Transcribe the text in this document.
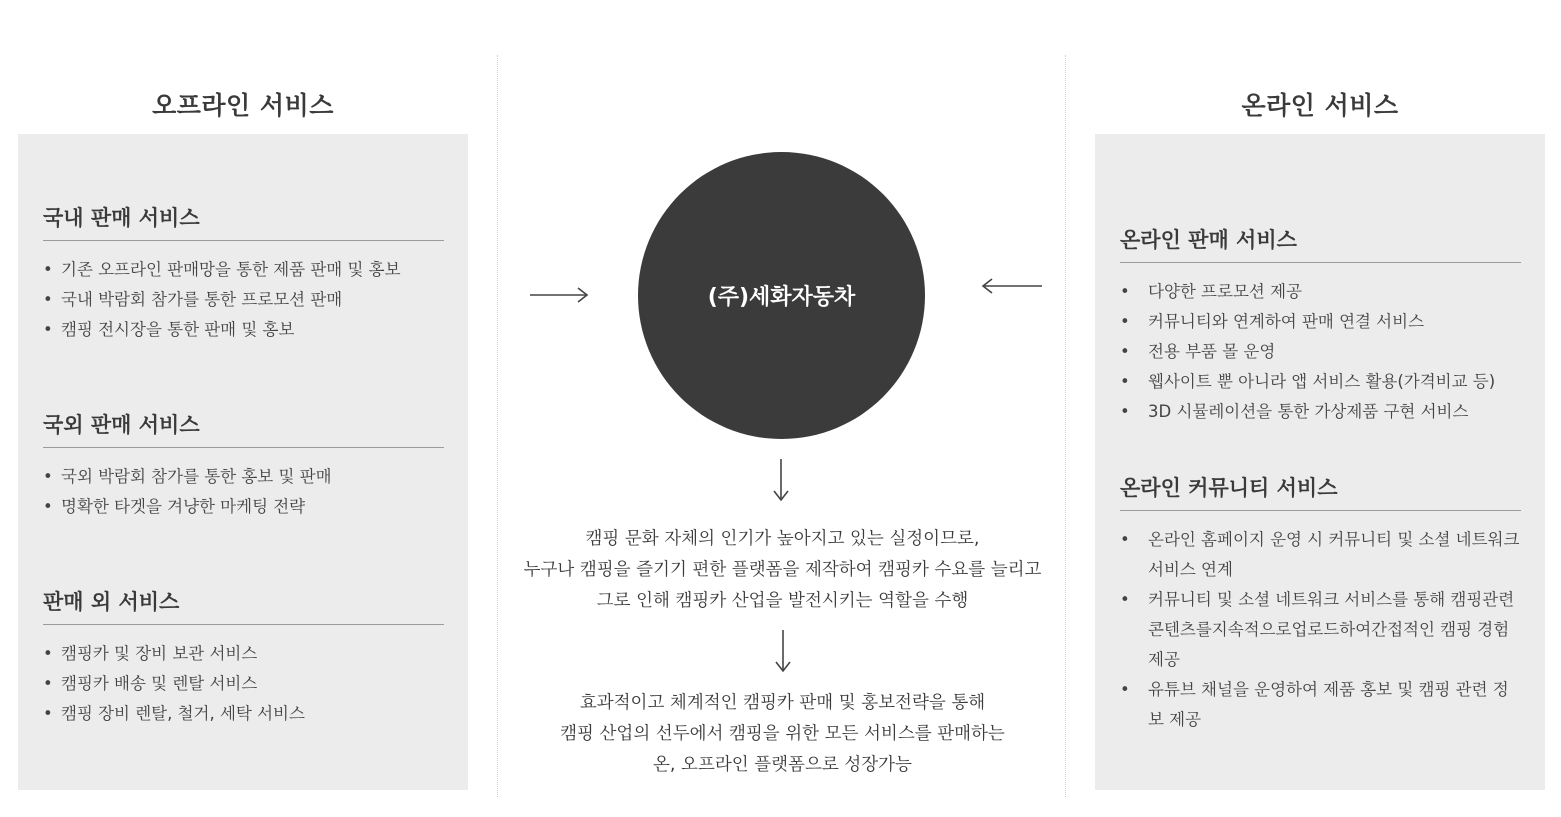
오프라인 서비스
국내 판매 서비스
• 기존 오프라인 판매망을 통한 제품 판매 및 홍보
• 국내 박람회 참가를 통한 프로모션 판매
• 캠핑 전시장을 통한 판매 및 홍보
국외 판매 서비스
• 국외 박람회 참가를 통한 홍보 및 판매
• 명확한 타겟을 겨냥한 마케팅 전략
판매 외 서비스
• 캠핑카 및 장비 보관 서비스
• 캠핑카 배송 및 렌탈 서비스
• 캠핑 장비 렌탈, 철거, 세탁 서비스
(주)세화자동차
캠핑 문화 자체의 인기가 높아지고 있는 실정이므로,
누구나 캠핑을 즐기기 편한 플랫폼을 제작하여 캠핑카 수요를 늘리고
그로 인해 캠핑카 산업을 발전시키는 역할을 수행
효과적이고 체계적인 캠핑카 판매 및 홍보전략을 통해
캠핑 산업의 선두에서 캠핑을 위한 모든 서비스를 판매하는
온, 오프라인 플랫폼으로 성장가능
온라인 서비스
온라인 판매 서비스
• 다양한 프로모션 제공
• 커뮤니티와 연계하여 판매 연결 서비스
• 전용 부품 몰 운영
• 웹사이트 뿐 아니라 앱 서비스 활용(가격비교 등)
• 3D 시뮬레이션을 통한 가상제품 구현 서비스
온라인 커뮤니티 서비스
• 온라인 홈페이지 운영 시 커뮤니티 및 소셜 네트워크
서비스 연계
• 커뮤니티 및 소셜 네트워크 서비스를 통해 캠핑관련
콘텐츠를지속적으로업로드하여간접적인 캠핑 경험제공
• 유튜브 채널을 운영하여 제품 홍보 및 캠핑 관련 정보 제공
